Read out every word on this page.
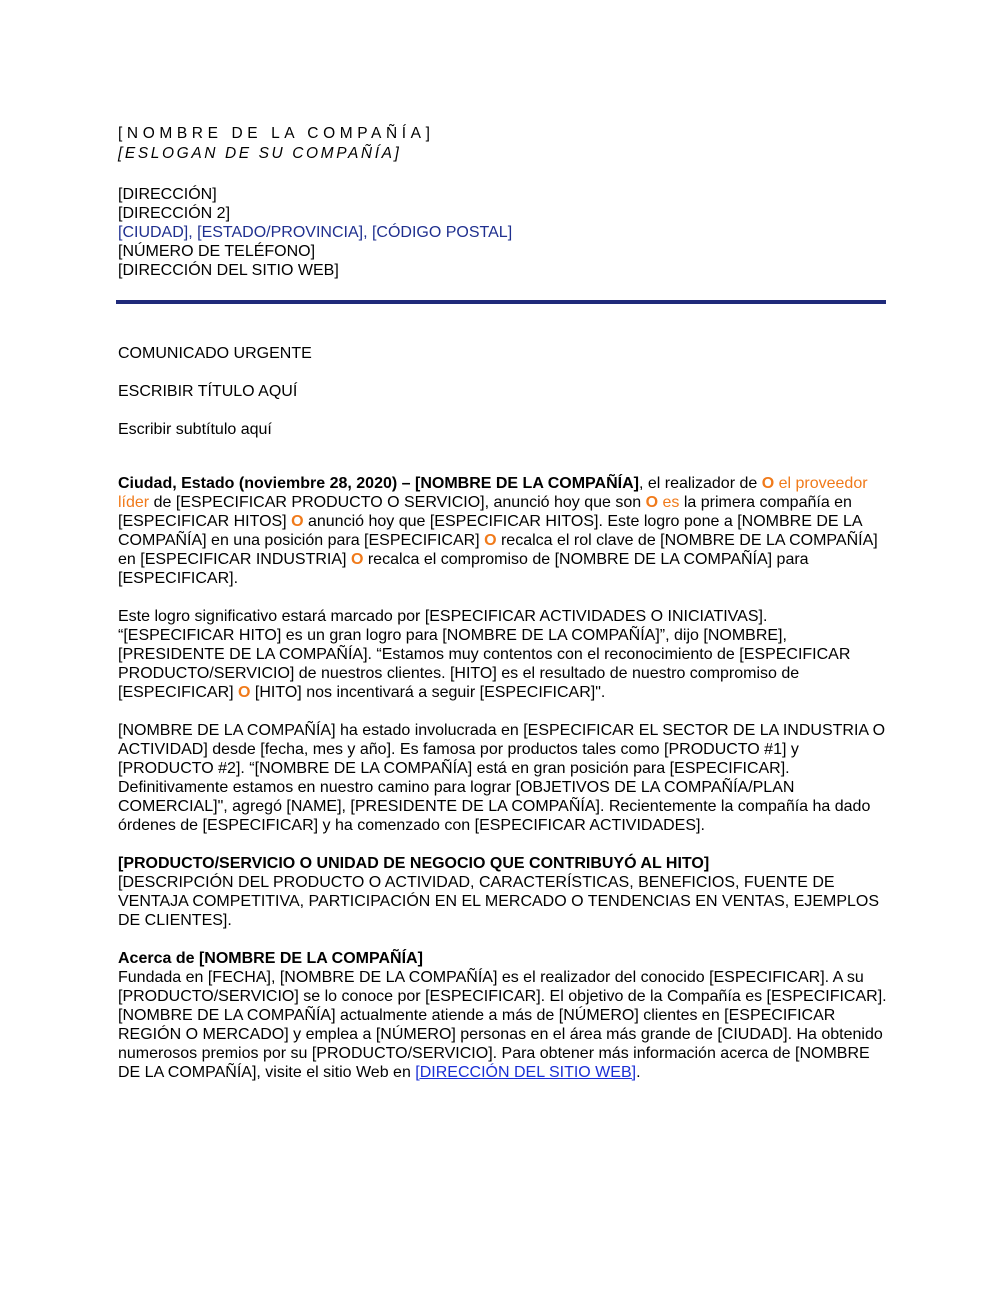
[NOMBRE DE LA COMPAÑÍA]
[ESLOGAN DE SU COMPAÑÍA]
[DIRECCIÓN]
[DIRECCIÓN 2]
[CIUDAD], [ESTADO/PROVINCIA], [CÓDIGO POSTAL]
[NÚMERO DE TELÉFONO]
[DIRECCIÓN DEL SITIO WEB]
COMUNICADO URGENTE
ESCRIBIR TÍTULO AQUÍ
Escribir subtítulo aquí

Ciudad, Estado (noviembre 28, 2020) – [NOMBRE DE LA COMPAÑÍA], el realizador de O el proveedor líder de [ESPECIFICAR PRODUCTO O SERVICIO], anunció hoy que son O es la primera compañía en [ESPECIFICAR HITOS] O anunció hoy que [ESPECIFICAR HITOS]. Este logro pone a [NOMBRE DE LA COMPAÑÍA] en una posición para [ESPECIFICAR] O recalca el rol clave de [NOMBRE DE LA COMPAÑÍA] en [ESPECIFICAR INDUSTRIA] O recalca el compromiso de [NOMBRE DE LA COMPAÑÍA] para [ESPECIFICAR].

Este logro significativo estará marcado por [ESPECIFICAR ACTIVIDADES O INICIATIVAS]. “[ESPECIFICAR HITO] es un gran logro para [NOMBRE DE LA COMPAÑÍA]”, dijo [NOMBRE], [PRESIDENTE DE LA COMPAÑÍA]. “Estamos muy contentos con el reconocimiento de [ESPECIFICAR PRODUCTO/SERVICIO] de nuestros clientes. [HITO] es el resultado de nuestro compromiso de [ESPECIFICAR] O [HITO] nos incentivará a seguir [ESPECIFICAR]".

[NOMBRE DE LA COMPAÑÍA] ha estado involucrada en [ESPECIFICAR EL SECTOR DE LA INDUSTRIA O ACTIVIDAD] desde [fecha, mes y año]. Es famosa por productos tales como [PRODUCTO #1] y [PRODUCTO #2]. “[NOMBRE DE LA COMPAÑÍA] está en gran posición para [ESPECIFICAR]. Definitivamente estamos en nuestro camino para lograr [OBJETIVOS DE LA COMPAÑÍA/PLAN COMERCIAL]", agregó [NAME], [PRESIDENTE DE LA COMPAÑÍA]. Recientemente la compañía ha dado órdenes de [ESPECIFICAR] y ha comenzado con [ESPECIFICAR ACTIVIDADES].

[PRODUCTO/SERVICIO O UNIDAD DE NEGOCIO QUE CONTRIBUYÓ AL HITO]
[DESCRIPCIÓN DEL PRODUCTO O ACTIVIDAD, CARACTERÍSTICAS, BENEFICIOS, FUENTE DE VENTAJA COMPETITIVA, PARTICIPACIÓN EN EL MERCADO O TENDENCIAS EN VENTAS, EJEMPLOS DE CLIENTES].

Acerca de [NOMBRE DE LA COMPAÑÍA]
Fundada en [FECHA], [NOMBRE DE LA COMPAÑÍA] es el realizador del conocido [ESPECIFICAR]. A su [PRODUCTO/SERVICIO] se lo conoce por [ESPECIFICAR]. El objetivo de la Compañía es [ESPECIFICAR]. [NOMBRE DE LA COMPAÑÍA] actualmente atiende a más de [NÚMERO] clientes en [ESPECIFICAR REGIÓN O MERCADO] y emplea a [NÚMERO] personas en el área más grande de [CIUDAD]. Ha obtenido numerosos premios por su [PRODUCTO/SERVICIO]. Para obtener más información acerca de [NOMBRE DE LA COMPAÑÍA], visite el sitio Web en [DIRECCIÓN DEL SITIO WEB].
